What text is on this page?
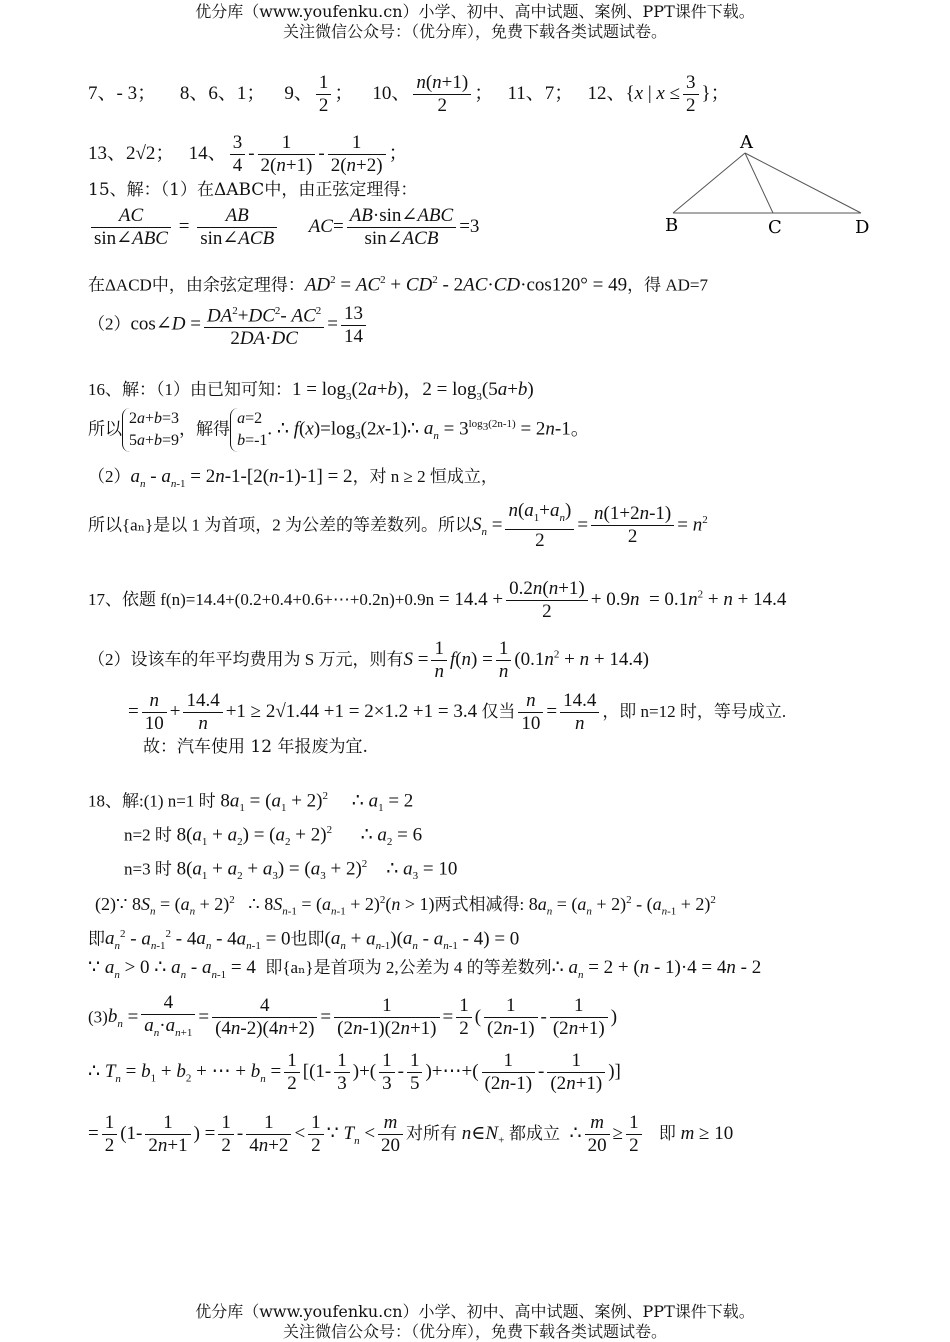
优分库（www.youfenku.cn）小学、初中、高中试题、案例、PPT课件下载。
关注微信公众号：（优分库），免费下载各类试题试卷。
7、- 3；     8、6、1；    9、 $\frac{1}{2}$ ；    10、 $\frac{n(n+1)}{2}$ ；   11、7；   12、{x | $x \le \frac{3}{2}$ }；
13、2√2；   14、 $\frac{3}{4} - \frac{1}{2(n+1)} - \frac{1}{2(n+2)}$ ；
A
B	C	D
15、解：（1）在ΔABC中，由正弦定理得：
AC
sin∠ABC
=
AB
sin∠ACB
AC=
AB·sin∠ABC
sin∠ACB
=3
在ΔACD中，由余弦定理得：$AD^2 = AC^2 + CD^2 - 2AC\cdot CD\cdot\cos 120^\circ = 49$，得 AD=7
（2）cos∠D = $\frac{DA^2+DC^2- AC^2}{2DA\cdot DC} = \frac{13}{14}$
16、解：（1）由已知可知：$1 = \log_3(2a+b)$，$2 = \log_3(5a+b)$
所以2a+b=3
5a+b=9，解得a=2
b=-1. ∴ $f(x)=\log_3(2x-1)\therefore$ $a_n = 3^{log_3(2n-1)} = 2n-1$。
$(2)a_n - a_{n-1} = 2n-1-[2(n-1)-1] = 2$，对 n ≥ 2 恒成立，
所以{aₙ}是以 1 为首项，2 为公差的等差数列。所以$S_n = \frac{n(a_1+a_n)}{2} = \frac{n(1+2n-1)}{2} = n^2$
17、依题 f(n)=14.4+(0.2+0.4+0.6+⋯+0.2n)+0.9n = $14.4 + \frac{0.2n(n+1)}{2} + 0.9n = 0.1n^2 + n + 14.4$
（2）设该车的年平均费用为 S 万元，则有$S = \frac{1}{n} f(n) = \frac{1}{n} (0.1n^2 + n + 14.4)$
= $\frac{n}{10} + \frac{14.4}{n} +1 \ge 2√1.44 +1 = 2\times 1.2 +1 = 3.4$ 仅当 $\frac{n}{10} = \frac{14.4}{n}$ ，即 n=12 时，等号成立.
故：汽车使用 12 年报废为宜.
18、解:(1) n=1 时 $8a_1 = (a_1 + 2)^2$     ∴ $a_1 = 2$
n=2 时 $8(a_1 + a_2) = (a_2 + 2)^2$      ∴ $a_2 = 6$
n=3 时 $8(a_1 + a_2 + a_3) = (a_3 + 2)^2$    ∴ $a_3 = 10$
(2)∵ $8S_n = (a_n + 2)^2$   ∴ $8S_{n-1} = (a_{n-1} + 2)^2(n > 1)$两式相减得: $8a_n = (a_n + 2)^2 - (a_{n-1} + 2)^2$
即$a_n^2 - a_{n-1}^2 - 4a_n - 4a_{n-1} = 0$也即$(a_n + a_{n-1})(a_n - a_{n-1} - 4) = 0$
∵ $a_n > 0$ ∴ $a_n - a_{n-1} = 4$  即{aₙ}是首项为 2,公差为 4 的等差数列∴ $a_n = 2 + (n - 1)\cdot 4 = 4n - 2$
$(3)b_n = \frac{4}{a_n\cdot a_{n+1}} = \frac{4}{(4n-2)(4n+2)} = \frac{1}{(2n-1)(2n+1)} = \frac{1}{2}$ ( $\frac{1}{(2n-1)} - \frac{1}{(2n+1)}$ )
∴ $T_n = b_1 + b_2$ + ⋯ + $b_n = \frac{1}{2} [(1- \frac{1}{3}$ )+( $\frac{1}{3} - \frac{1}{5}$ )+⋯+( $\frac{1}{(2n-1)} - \frac{1}{(2n+1)}$ )]
= $\frac{1}{2} (1- \frac{1}{2n+1}$ ) = $\frac{1}{2} - \frac{1}{4n+2} < \frac{1}{2}$ ∵ $T_n < \frac{m}{20}$ 对所有 $n\in N_+$ 都成立  ∴ $\frac{m}{20} \ge \frac{1}{2}$ 即 m ≥ 10
优分库（www.youfenku.cn）小学、初中、高中试题、案例、PPT课件下载。
关注微信公众号：（优分库），免费下载各类试题试卷。
